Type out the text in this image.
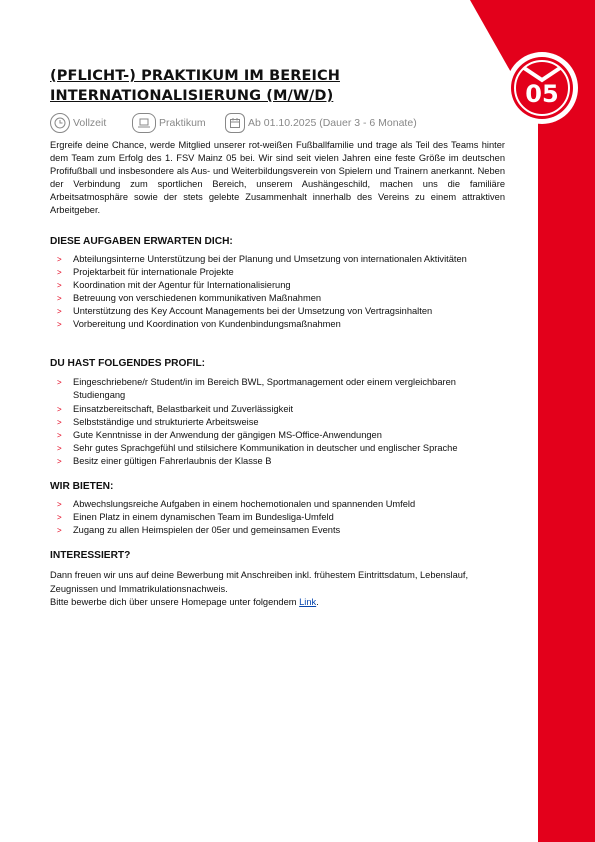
05
(PFLICHT-) PRAKTIKUM IM BEREICH
INTERNATIONALISIERUNG (M/W/D)
Vollzeit	Praktikum	Ab 01.10.2025 (Dauer 3 - 6 Monate)

Ergreife deine Chance, werde Mitglied unserer rot-weißen Fußballfamilie und trage als Teil des Teams hinter dem Team zum Erfolg des 1. FSV Mainz 05 bei. Wir sind seit vielen Jahren eine feste Größe im deutschen Profifußball und insbesondere als Aus- und Weiterbildungsverein von Spielern und Trainern anerkannt. Neben der Verbindung zum sportlichen Bereich, unserem Aushängeschild, machen uns die familiäre Arbeitsatmosphäre sowie der stets gelebte Zusammenhalt innerhalb des Vereins zu einem attraktiven Arbeitgeber.

DIESE AUFGABEN ERWARTEN DICH:

> Abteilungsinterne Unterstützung bei der Planung und Umsetzung von internationalen Aktivitäten
> Projektarbeit für internationale Projekte
> Koordination mit der Agentur für Internationalisierung
> Betreuung von verschiedenen kommunikativen Maßnahmen
> Unterstützung des Key Account Managements bei der Umsetzung von Vertragsinhalten
> Vorbereitung und Koordination von Kundenbindungsmaßnahmen

DU HAST FOLGENDES PROFIL:

> Eingeschriebene/r Student/in im Bereich BWL, Sportmanagement oder einem vergleichbaren Studiengang
> Einsatzbereitschaft, Belastbarkeit und Zuverlässigkeit
> Selbstständige und strukturierte Arbeitsweise
> Gute Kenntnisse in der Anwendung der gängigen MS-Office-Anwendungen
> Sehr gutes Sprachgefühl und stilsichere Kommunikation in deutscher und englischer Sprache
> Besitz einer gültigen Fahrerlaubnis der Klasse B

WIR BIETEN:

> Abwechslungsreiche Aufgaben in einem hochemotionalen und spannenden Umfeld
> Einen Platz in einem dynamischen Team im Bundesliga-Umfeld
> Zugang zu allen Heimspielen der 05er und gemeinsamen Events

INTERESSIERT?

Dann freuen wir uns auf deine Bewerbung mit Anschreiben inkl. frühestem Eintrittsdatum, Lebenslauf, Zeugnissen und Immatrikulationsnachweis.

Bitte bewerbe dich über unsere Homepage unter folgendem Link.
